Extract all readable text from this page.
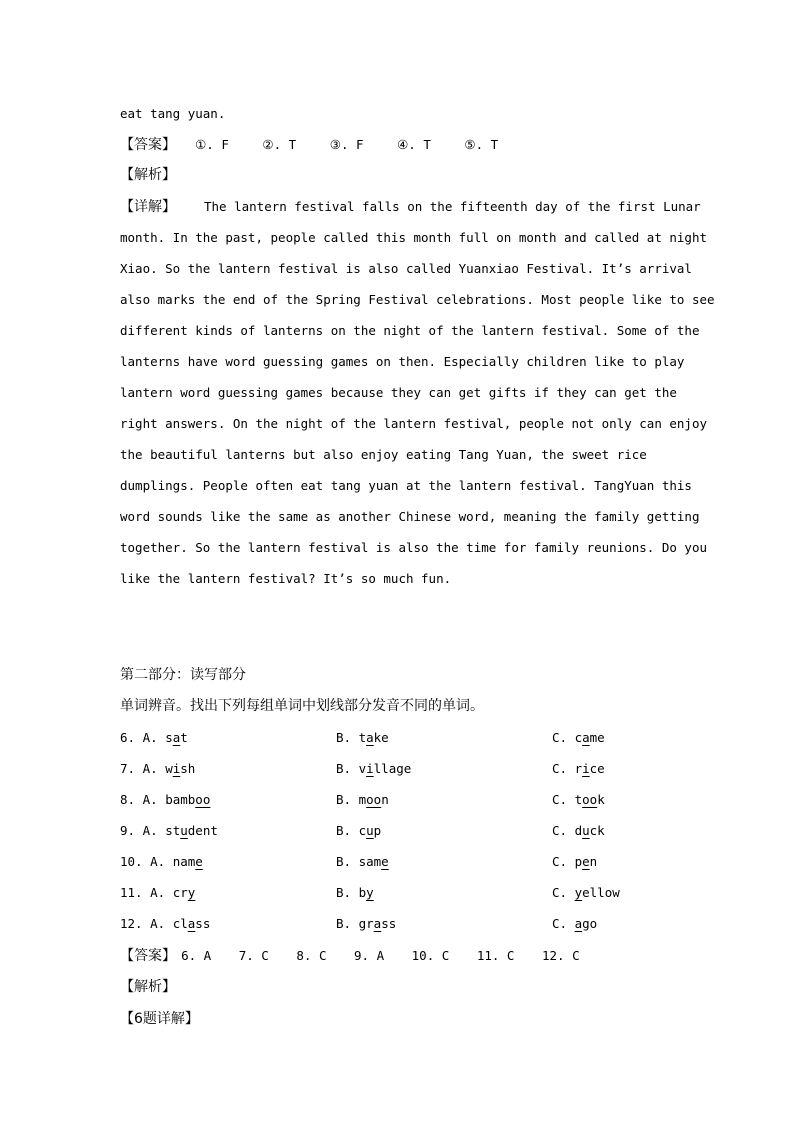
eat tang yuan.
【答案】 ①. F	②. T	③. F	④. T	⑤. T
【解析】
【详解】	The lantern festival falls on the fifteenth day of the first Lunar
month. In the past, people called this month full on month and called at night
Xiao. So the lantern festival is also called Yuanxiao Festival. It’s arrival
also marks the end of the Spring Festival celebrations. Most people like to see
different kinds of lanterns on the night of the lantern festival. Some of the
lanterns have word guessing games on then. Especially children like to play
lantern word guessing games because they can get gifts if they can get the
right answers. On the night of the lantern festival, people not only can enjoy
the beautiful lanterns but also enjoy eating Tang Yuan, the sweet rice
dumplings. People often eat tang yuan at the lantern festival. TangYuan this
word sounds like the same as another Chinese word, meaning the family getting
together. So the lantern festival is also the time for family reunions. Do you
like the lantern festival? It’s so much fun.
第二部分：读写部分
单词辨音。找出下列每组单词中划线部分发音不同的单词。
6. A. sat	B. take	C. came
7. A. wish	B. village	C. rice
8. A. bamboo	B. moon	C. took
9. A. student	B. cup	C. duck
10. A. name	B. same	C. pen
11. A. cry	B. by	C. yellow
12. A. class	B. grass	C. ago
【答案】 6. A 7. C 8. C 9. A 10. C 11. C 12. C
【解析】
【6题详解】
